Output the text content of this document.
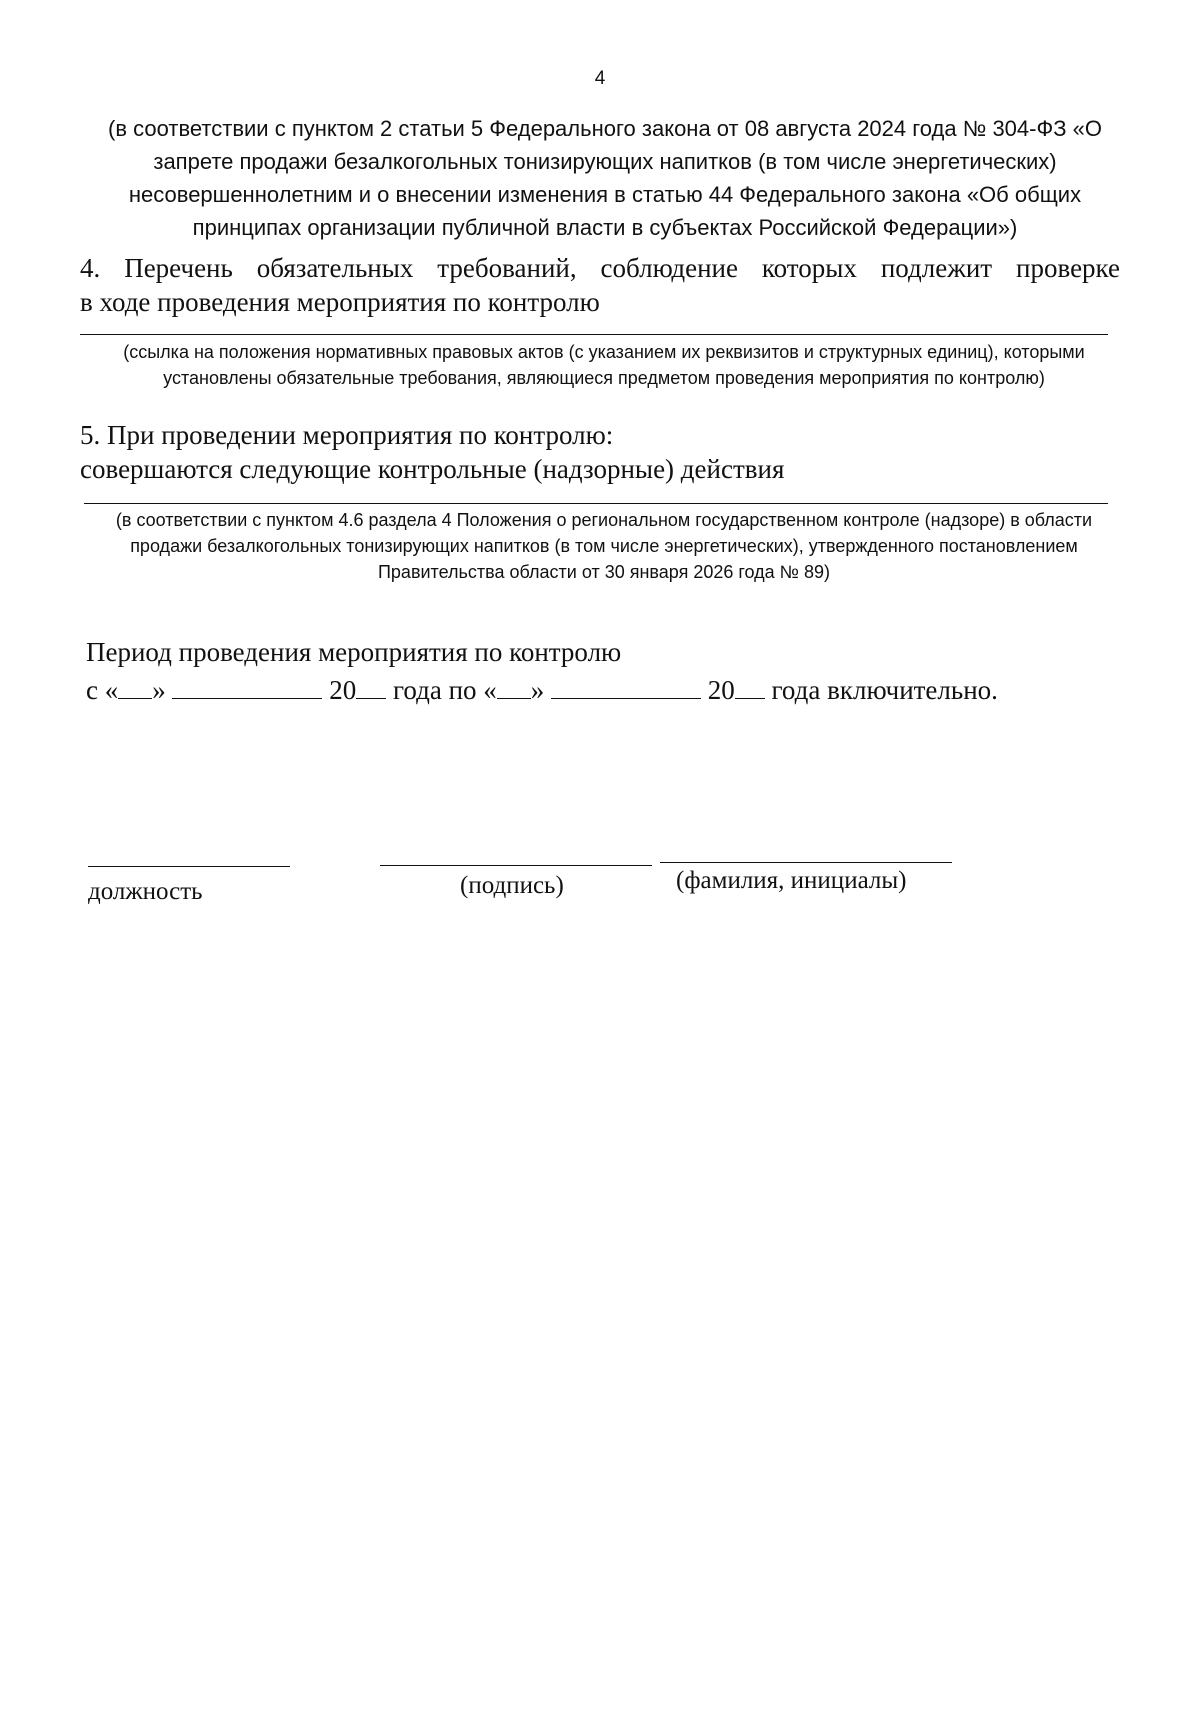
4
(в соответствии с пунктом 2 статьи 5 Федерального закона от 08 августа 2024 года № 304-ФЗ «О запрете продажи безалкогольных тонизирующих напитков (в том числе энергетических) несовершеннолетним и о внесении изменения в статью 44 Федерального закона «Об общих принципах организации публичной власти в субъектах Российской Федерации»)
4. Перечень обязательных требований, соблюдение которых подлежит проверке
в ходе проведения мероприятия по контролю
(ссылка на положения нормативных правовых актов (с указанием их реквизитов и структурных единиц), которыми
установлены обязательные требования, являющиеся предметом проведения мероприятия по контролю)
5. При проведении мероприятия по контролю:
совершаются следующие контрольные (надзорные) действия
(в соответствии с пунктом 4.6 раздела 4 Положения о региональном государственном контроле (надзоре) в области
продажи безалкогольных тонизирующих напитков (в том числе энергетических), утвержденного постановлением
Правительства области от 30 января 2026 года № 89)
Период проведения мероприятия по контролю
с « »	20 года по « »	20 года включительно.
должность	(подпись)	(фамилия, инициалы)
